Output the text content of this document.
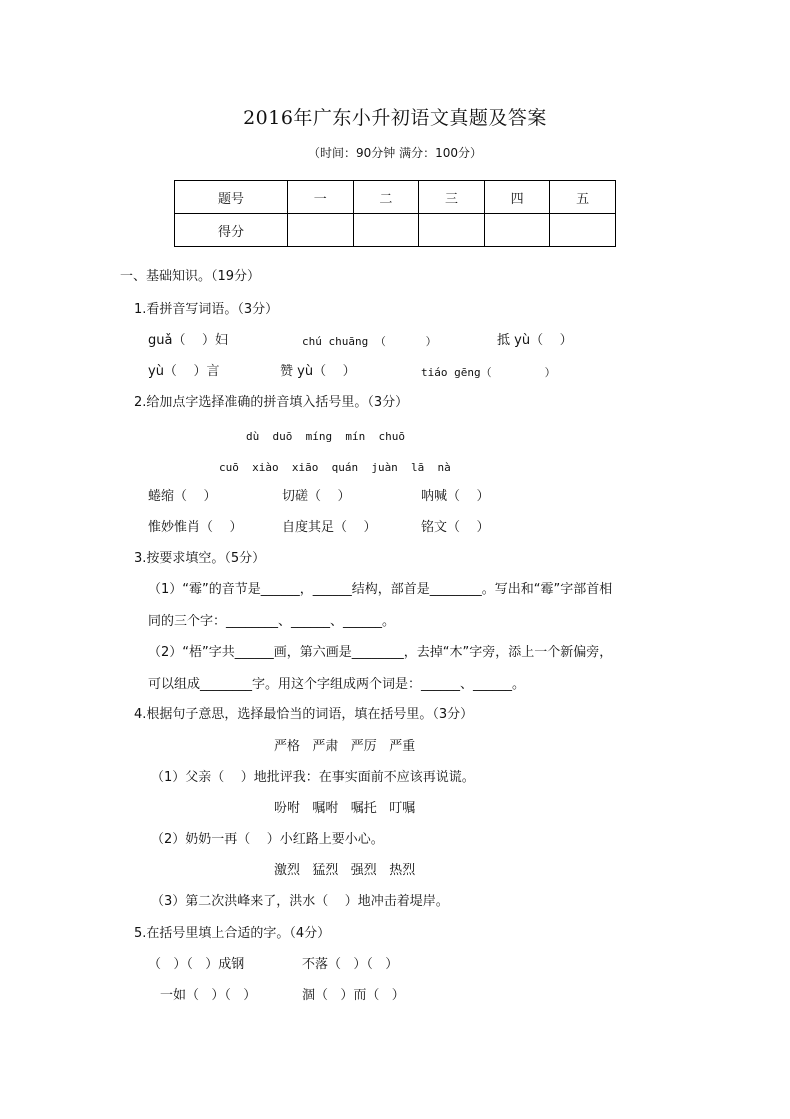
2016年广东小升初语文真题及答案
（时间：90分钟 满分：100分）
题号	一	二	三	四	五
得分					
一、基础知识。（19分）
1.看拼音写词语。（3分）
guǎ（    ）妇	chú chuāng （      ）	抵 yù（    ）
yù（    ）言	赞 yù（    ）	tiáo gēng（        ）
2.给加点字选择准确的拼音填入括号里。（3分）
dù  duō  míng  mín  chuō
cuō  xiào  xiāo  quán  juàn  lā  nà
蜷缩（    ）	切磋（    ）	呐喊（    ）
惟妙惟肖（    ）	自度其足（    ）	铭文（    ）
3.按要求填空。（5分）
（1）“霉”的音节是______，______结构，部首是________。写出和“霉”字部首相
同的三个字：________、______、______。
（2）“梧”字共______画，第六画是________，去掉“木”字旁，添上一个新偏旁，
可以组成________字。用这个字组成两个词是：______、______。
4.根据句子意思，选择最恰当的词语，填在括号里。（3分）
严格   严肃   严厉   严重
（1）父亲（    ）地批评我：在事实面前不应该再说谎。
吩咐   嘱咐   嘱托   叮嘱
（2）奶奶一再（    ）小红路上要小心。
激烈   猛烈   强烈   热烈
（3）第二次洪峰来了，洪水（    ）地冲击着堤岸。
5.在括号里填上合适的字。（4分）
（   ）（   ）成钢	不落（   ）（   ）
一如（   ）（   ）	涸（   ）而（   ）
